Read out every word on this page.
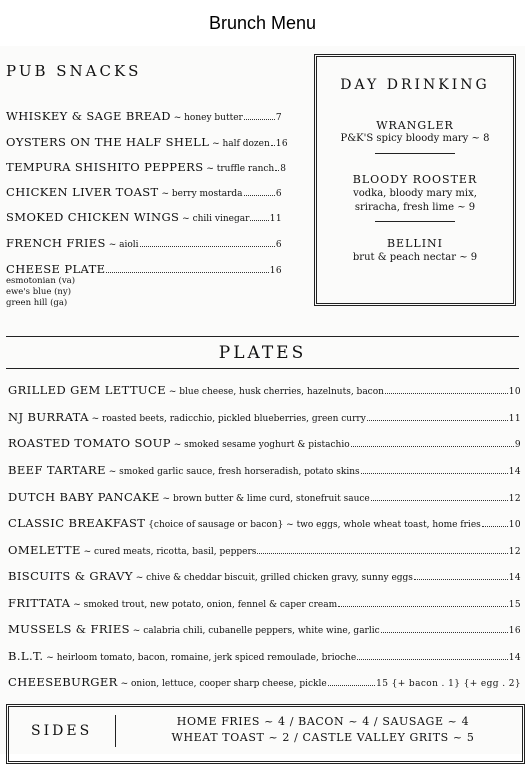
Brunch Menu
PUB SNACKS
WHISKEY & SAGE BREAD ~ honey butter	7
OYSTERS ON THE HALF SHELL ~ half dozen 16
TEMPURA SHISHITO PEPPERS ~ truffle ranch 8
CHICKEN LIVER TOAST ~ berry mostarda	6
SMOKED CHICKEN WINGS ~ chili vinegar 11
FRENCH FRIES ~ aioli	6
CHEESE PLATE	16
esmotonian (va)
ewe's blue (ny)
green hill (ga)
DAY DRINKING
WRANGLER
P&K'S spicy bloody mary ~ 8
BLOODY ROOSTER
vodka, bloody mary mix,
sriracha, fresh lime ~ 9
BELLINI
brut & peach nectar ~ 9
PLATES
GRILLED GEM LETTUCE ~ blue cheese, husk cherries, hazelnuts, bacon	10
NJ BURRATA ~ roasted beets, radicchio, pickled blueberries, green curry	11
ROASTED TOMATO SOUP ~ smoked sesame yoghurt & pistachio	9
BEEF TARTARE ~ smoked garlic sauce, fresh horseradish, potato skins	14
DUTCH BABY PANCAKE ~ brown butter & lime curd, stonefruit sauce	12
CLASSIC BREAKFAST
{choice of sausage or bacon} ~ two eggs, whole wheat toast, home fries	10
OMELETTE ~ cured meats, ricotta, basil, peppers	12
BISCUITS & GRAVY ~ chive & cheddar biscuit, grilled chicken gravy, sunny eggs	14
FRITTATA ~ smoked trout, new potato, onion, fennel & caper cream	15
MUSSELS & FRIES ~ calabria chili, cubanelle peppers, white wine, garlic	16
B.L.T. ~ heirloom tomato, bacon, romaine, jerk spiced remoulade, brioche	14
CHEESEBURGER ~ onion, lettuce, cooper sharp cheese, pickle	15 {+ bacon . 1} {+ egg . 2}
SIDES
HOME FRIES ~ 4 / BACON ~ 4 / SAUSAGE ~ 4
WHEAT TOAST ~ 2 / CASTLE VALLEY GRITS ~ 5
